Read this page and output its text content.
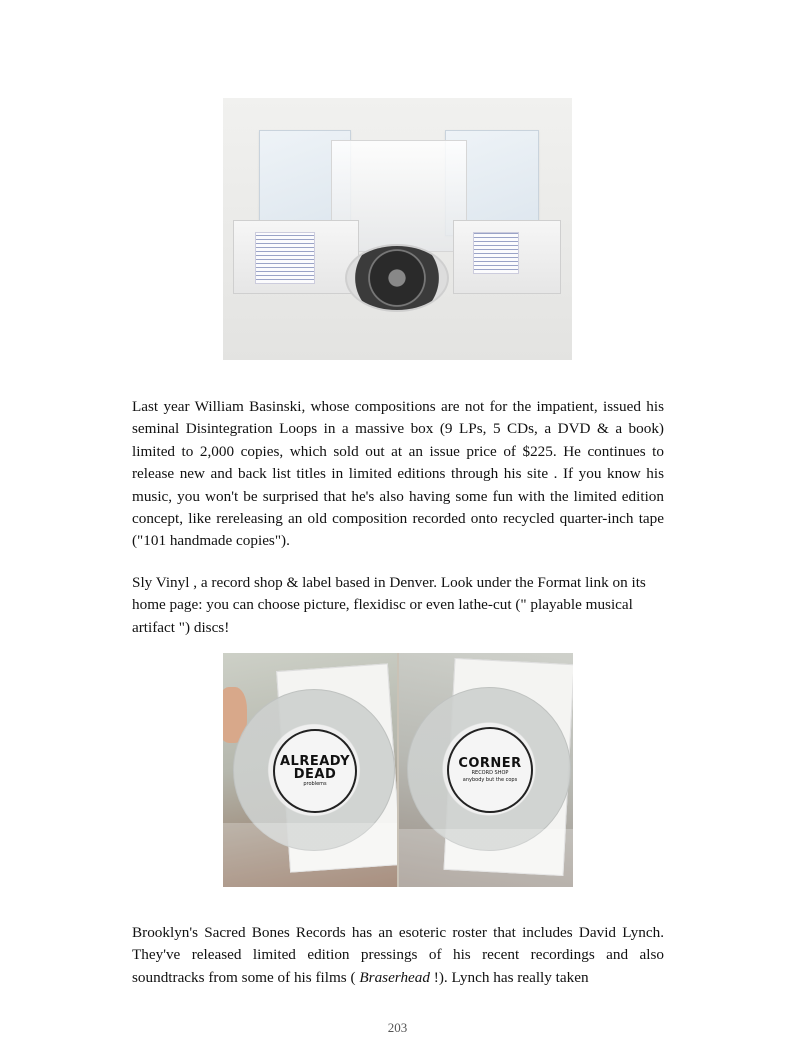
Last year William Basinski, whose compositions are not for the impatient, issued his seminal Disintegration Loops in a massive box (9 LPs, 5 CDs, a DVD & a book) limited to 2,000 copies, which sold out at an issue price of $225. He continues to release new and back list titles in limited editions through his site . If you know his music, you won't be surprised that he's also having some fun with the limited edition concept, like rereleasing an old composition recorded onto recycled quarter-inch tape ("101 handmade copies").

Sly Vinyl , a record shop & label based in Denver. Look under the Format link on its home page: you can choose picture, flexidisc or even lathe-cut (" playable musical artifact ") discs!

ALREADY
DEAD
problems
CORNER
RECORD SHOP
anybody but the cops

Brooklyn's Sacred Bones Records has an esoteric roster that includes David Lynch. They've released limited edition pressings of his recent recordings and also soundtracks from some of his films ( Braserhead !). Lynch has really taken

203
